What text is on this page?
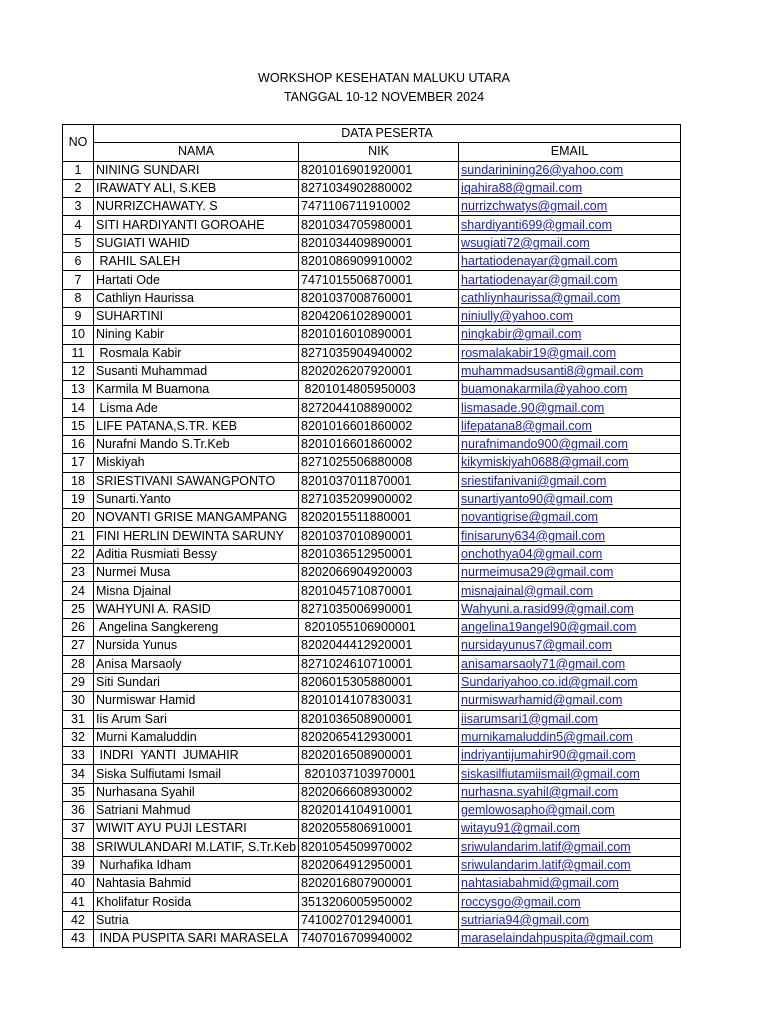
WORKSHOP KESEHATAN MALUKU UTARA
TANGGAL 10-12 NOVEMBER 2024
NO	DATA PESERTA		
	NAMA	NIK	EMAIL
1	NINING SUNDARI	8201016901920001	sundarinining26@yahoo.com
2	IRAWATY ALI, S.KEB	8271034902880002	iqahira88@gmail.com
3	NURRIZCHAWATY. S	7471106711910002	nurrizchwatys@gmail.com
4	SITI HARDIYANTI GOROAHE	8201034705980001	shardiyanti699@gmail.com
5	SUGIATI WAHID	8201034409890001	wsugiati72@gmail.com
6	RAHIL SALEH	8201086909910002	hartatiodenayar@gmail.com
7	Hartati Ode	7471015506870001	hartatiodenayar@gmail.com
8	Cathliyn Haurissa	8201037008760001	cathliynhaurissa@gmail.com
9	SUHARTINI	8204206102890001	niniully@yahoo.com
10	Nining Kabir	8201016010890001	ningkabir@gmail.com
11	Rosmala Kabir	8271035904940002	rosmalakabir19@gmail.com
12	Susanti Muhammad	8202026207920001	muhammadsusanti8@gmail.com
13	Karmila M Buamona	8201014805950003	buamonakarmila@yahoo.com
14	Lisma Ade	8272044108890002	lismasade.90@gmail.com
15	LIFE PATANA,S.TR. KEB	8201016601860002	lifepatana8@gmail.com
16	Nurafni Mando S.Tr.Keb	8201016601860002	nurafnimando900@gmail.com
17	Miskiyah	8271025506880008	kikymiskiyah0688@gmail.com
18	SRIESTIVANI SAWANGPONTO	8201037011870001	sriestifanivani@gmail.com
19	Sunarti.Yanto	8271035209900002	sunartiyanto90@gmail.com
20	NOVANTI GRISE MANGAMPANG	8202015511880001	novantigrise@gmail.com
21	FINI HERLIN DEWINTA SARUNY	8201037010890001	finisaruny634@gmail.com
22	Aditia Rusmiati Bessy	8201036512950001	onchothya04@gmail.com
23	Nurmei Musa	8202066904920003	nurmeimusa29@gmail.com
24	Misna Djainal	8201045710870001	misnajainal@gmail.com
25	WAHYUNI A. RASID	8271035006990001	Wahyuni.a.rasid99@gmail.com
26	Angelina Sangkereng	8201055106900001	angelina19angel90@gmail.com
27	Nursida Yunus	8202044412920001	nursidayunus7@gmail.com
28	Anisa Marsaoly	8271024610710001	anisamarsaoly71@gmail.com
29	Siti Sundari	8206015305880001	Sundariyahoo.co.id@gmail.com
30	Nurmiswar Hamid	8201014107830031	nurmiswarhamid@gmail.com
31	Iis Arum Sari	8201036508900001	iisarumsari1@gmail.com
32	Murni Kamaluddin	8202065412930001	murnikamaluddin5@gmail.com
33	INDRI  YANTI  JUMAHIR	8202016508900001	indriyantijumahir90@gmail.com
34	Siska Sulfiutami Ismail	8201037103970001	siskasilfiutamiismail@gmail.com
35	Nurhasana Syahil	8202066608930002	nurhasna.syahil@gmail.com
36	Satriani Mahmud	8202014104910001	gemlowosapho@gmail.com
37	WIWIT AYU PUJI LESTARI	8202055806910001	witayu91@gmail.com
38	SRIWULANDARI M.LATIF, S.Tr.Keb	8201054509970002	sriwulandarim.latif@gmail.com
39	Nurhafika Idham	8202064912950001	sriwulandarim.latif@gmail.com
40	Nahtasia Bahmid	8202016807900001	nahtasiabahmid@gmail.com
41	Kholifatur Rosida	3513206005950002	roccysgo@gmail.com
42	Sutria	7410027012940001	sutriaria94@gmail.com
43	INDA PUSPITA SARI MARASELA	7407016709940002	maraselaindahpuspita@gmail.com
